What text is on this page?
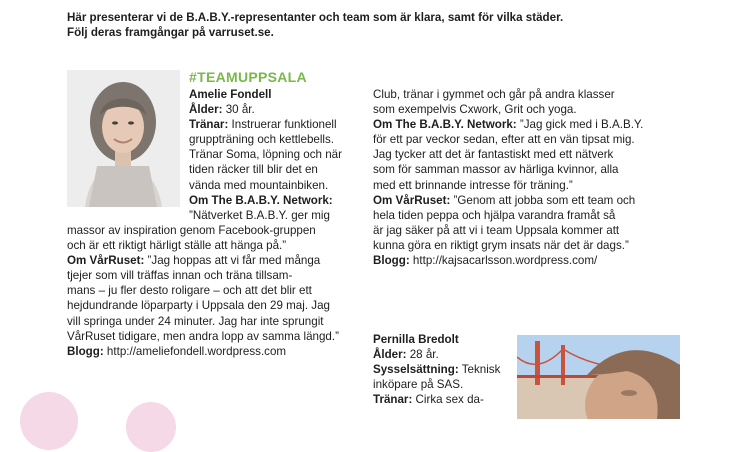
Här presenterar vi de B.A.B.Y.-representanter och team som är klara, samt för vilka städer.
Följ deras framgångar på varruset.se.
#TEAMUPPSALA
Amelie Fondell
Ålder: 30 år.
Tränar: Instruerar funktionell
gruppträning och kettlebells.
Tränar Soma, löpning och när
tiden räcker till blir det en
vända med mountainbiken.
Om The B.A.B.Y. Network:
”Nätverket B.A.B.Y. ger mig
massor av inspiration genom Facebook-gruppen
och är ett riktigt härligt ställe att hänga på.”
Om VårRuset: ”Jag hoppas att vi får med många
tjejer som vill träffas innan och träna tillsam-
mans – ju fler desto roligare – och att det blir ett
hejdundrande löparparty i Uppsala den 29 maj. Jag
vill springa under 24 minuter. Jag har inte sprungit
VårRuset tidigare, men andra lopp av samma längd.”
Blogg: http://ameliefondell.wordpress.com
Club, tränar i gymmet och går på andra klasser
som exempelvis Cxwork, Grit och yoga.
Om The B.A.B.Y. Network: ”Jag gick med i B.A.B.Y.
för ett par veckor sedan, efter att en vän tipsat mig.
Jag tycker att det är fantastiskt med ett nätverk
som för samman massor av härliga kvinnor, alla
med ett brinnande intresse för träning.”
Om VårRuset: ”Genom att jobba som ett team och
hela tiden peppa och hjälpa varandra framåt så
är jag säker på att vi i team Uppsala kommer att
kunna göra en riktigt grym insats när det är dags.”
Blogg: http://kajsacarlsson.wordpress.com/
Pernilla Bredolt
Ålder: 28 år.
Sysselsättning: Teknisk
inköpare på SAS.
Tränar: Cirka sex da-
